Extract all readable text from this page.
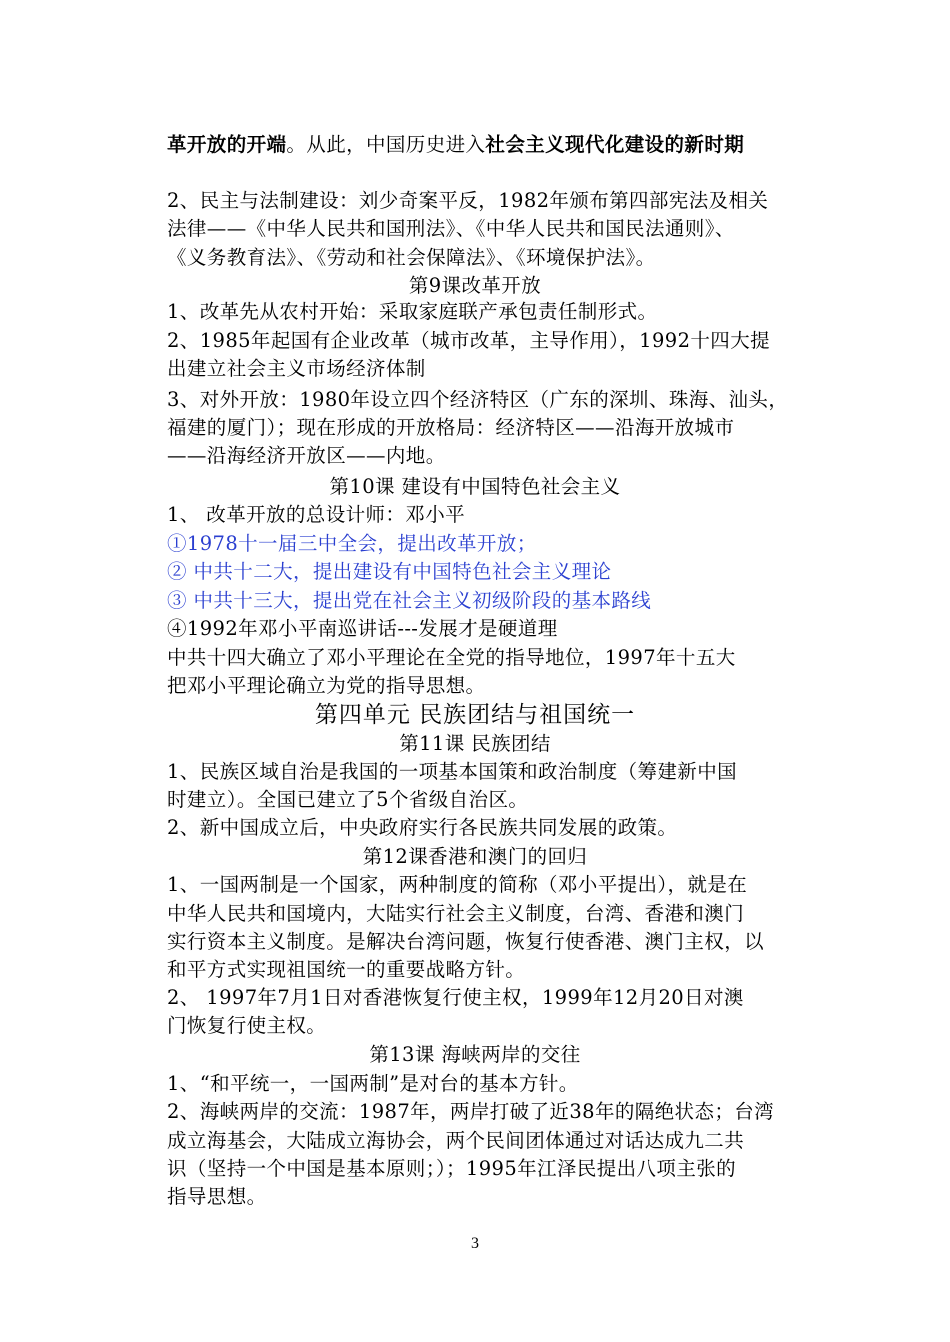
革开放的开端。从此，中国历史进入社会主义现代化建设的新时期
2、民主与法制建设：刘少奇案平反，1982年颁布第四部宪法及相关
法律——《中华人民共和国刑法》、《中华人民共和国民法通则》、
《义务教育法》、《劳动和社会保障法》、《环境保护法》。
第9课改革开放
1、改革先从农村开始：采取家庭联产承包责任制形式。
2、1985年起国有企业改革（城市改革，主导作用），1992十四大提
出建立社会主义市场经济体制
3、对外开放：1980年设立四个经济特区（广东的深圳、珠海、汕头，
福建的厦门）；现在形成的开放格局：经济特区——沿海开放城市
——沿海经济开放区——内地。
第10课 建设有中国特色社会主义
1、 改革开放的总设计师：邓小平
①1978十一届三中全会，提出改革开放；
② 中共十二大，提出建设有中国特色社会主义理论
③ 中共十三大，提出党在社会主义初级阶段的基本路线
④1992年邓小平南巡讲话---发展才是硬道理
中共十四大确立了邓小平理论在全党的指导地位，1997年十五大
把邓小平理论确立为党的指导思想。
第四单元 民族团结与祖国统一
第11课 民族团结
1、民族区域自治是我国的一项基本国策和政治制度（筹建新中国
时建立）。全国已建立了5个省级自治区。
2、新中国成立后，中央政府实行各民族共同发展的政策。
第12课香港和澳门的回归
1、一国两制是一个国家，两种制度的简称（邓小平提出），就是在
中华人民共和国境内，大陆实行社会主义制度，台湾、香港和澳门
实行资本主义制度。是解决台湾问题，恢复行使香港、澳门主权，以
和平方式实现祖国统一的重要战略方针。
2、 1997年7月1日对香港恢复行使主权，1999年12月20日对澳
门恢复行使主权。
第13课 海峡两岸的交往
1、“和平统一，一国两制”是对台的基本方针。
2、海峡两岸的交流：1987年，两岸打破了近38年的隔绝状态；台湾
成立海基会，大陆成立海协会，两个民间团体通过对话达成九二共
识（坚持一个中国是基本原则；）；1995年江泽民提出八项主张的
指导思想。
3
